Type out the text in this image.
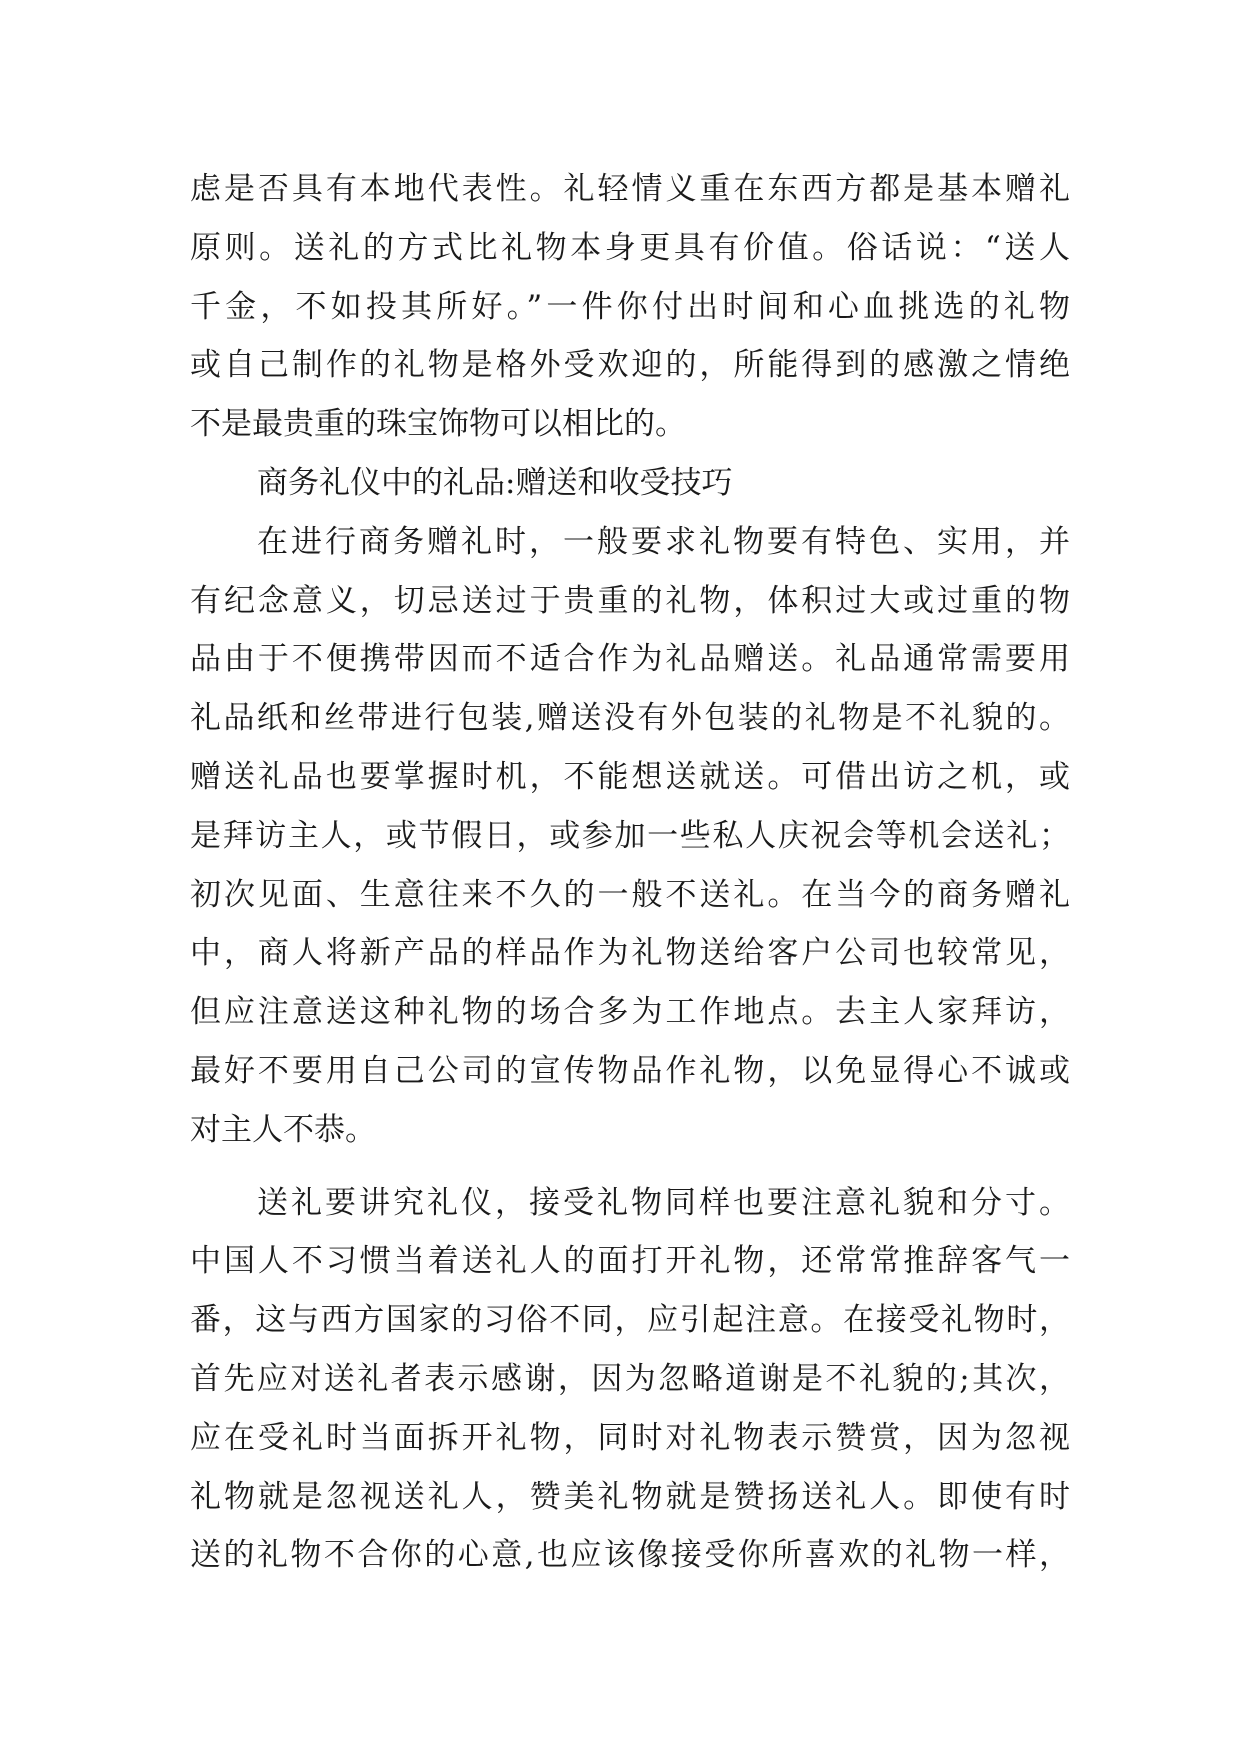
虑是否具有本地代表性。礼轻情义重在东西方都是基本赠礼
原则。送礼的方式比礼物本身更具有价值。俗话说：“送人
千金，不如投其所好。”一件你付出时间和心血挑选的礼物
或自己制作的礼物是格外受欢迎的，所能得到的感激之情绝
不是最贵重的珠宝饰物可以相比的。
商务礼仪中的礼品:赠送和收受技巧
在进行商务赠礼时，一般要求礼物要有特色、实用，并
有纪念意义，切忌送过于贵重的礼物，体积过大或过重的物
品由于不便携带因而不适合作为礼品赠送。礼品通常需要用
礼品纸和丝带进行包装,赠送没有外包装的礼物是不礼貌的。
赠送礼品也要掌握时机，不能想送就送。可借出访之机，或
是拜访主人，或节假日，或参加一些私人庆祝会等机会送礼；
初次见面、生意往来不久的一般不送礼。在当今的商务赠礼
中，商人将新产品的样品作为礼物送给客户公司也较常见，
但应注意送这种礼物的场合多为工作地点。去主人家拜访，
最好不要用自己公司的宣传物品作礼物，以免显得心不诚或
对主人不恭。
送礼要讲究礼仪，接受礼物同样也要注意礼貌和分寸。
中国人不习惯当着送礼人的面打开礼物，还常常推辞客气一
番，这与西方国家的习俗不同，应引起注意。在接受礼物时，
首先应对送礼者表示感谢，因为忽略道谢是不礼貌的;其次，
应在受礼时当面拆开礼物，同时对礼物表示赞赏，因为忽视
礼物就是忽视送礼人，赞美礼物就是赞扬送礼人。即使有时
送的礼物不合你的心意,也应该像接受你所喜欢的礼物一样，
